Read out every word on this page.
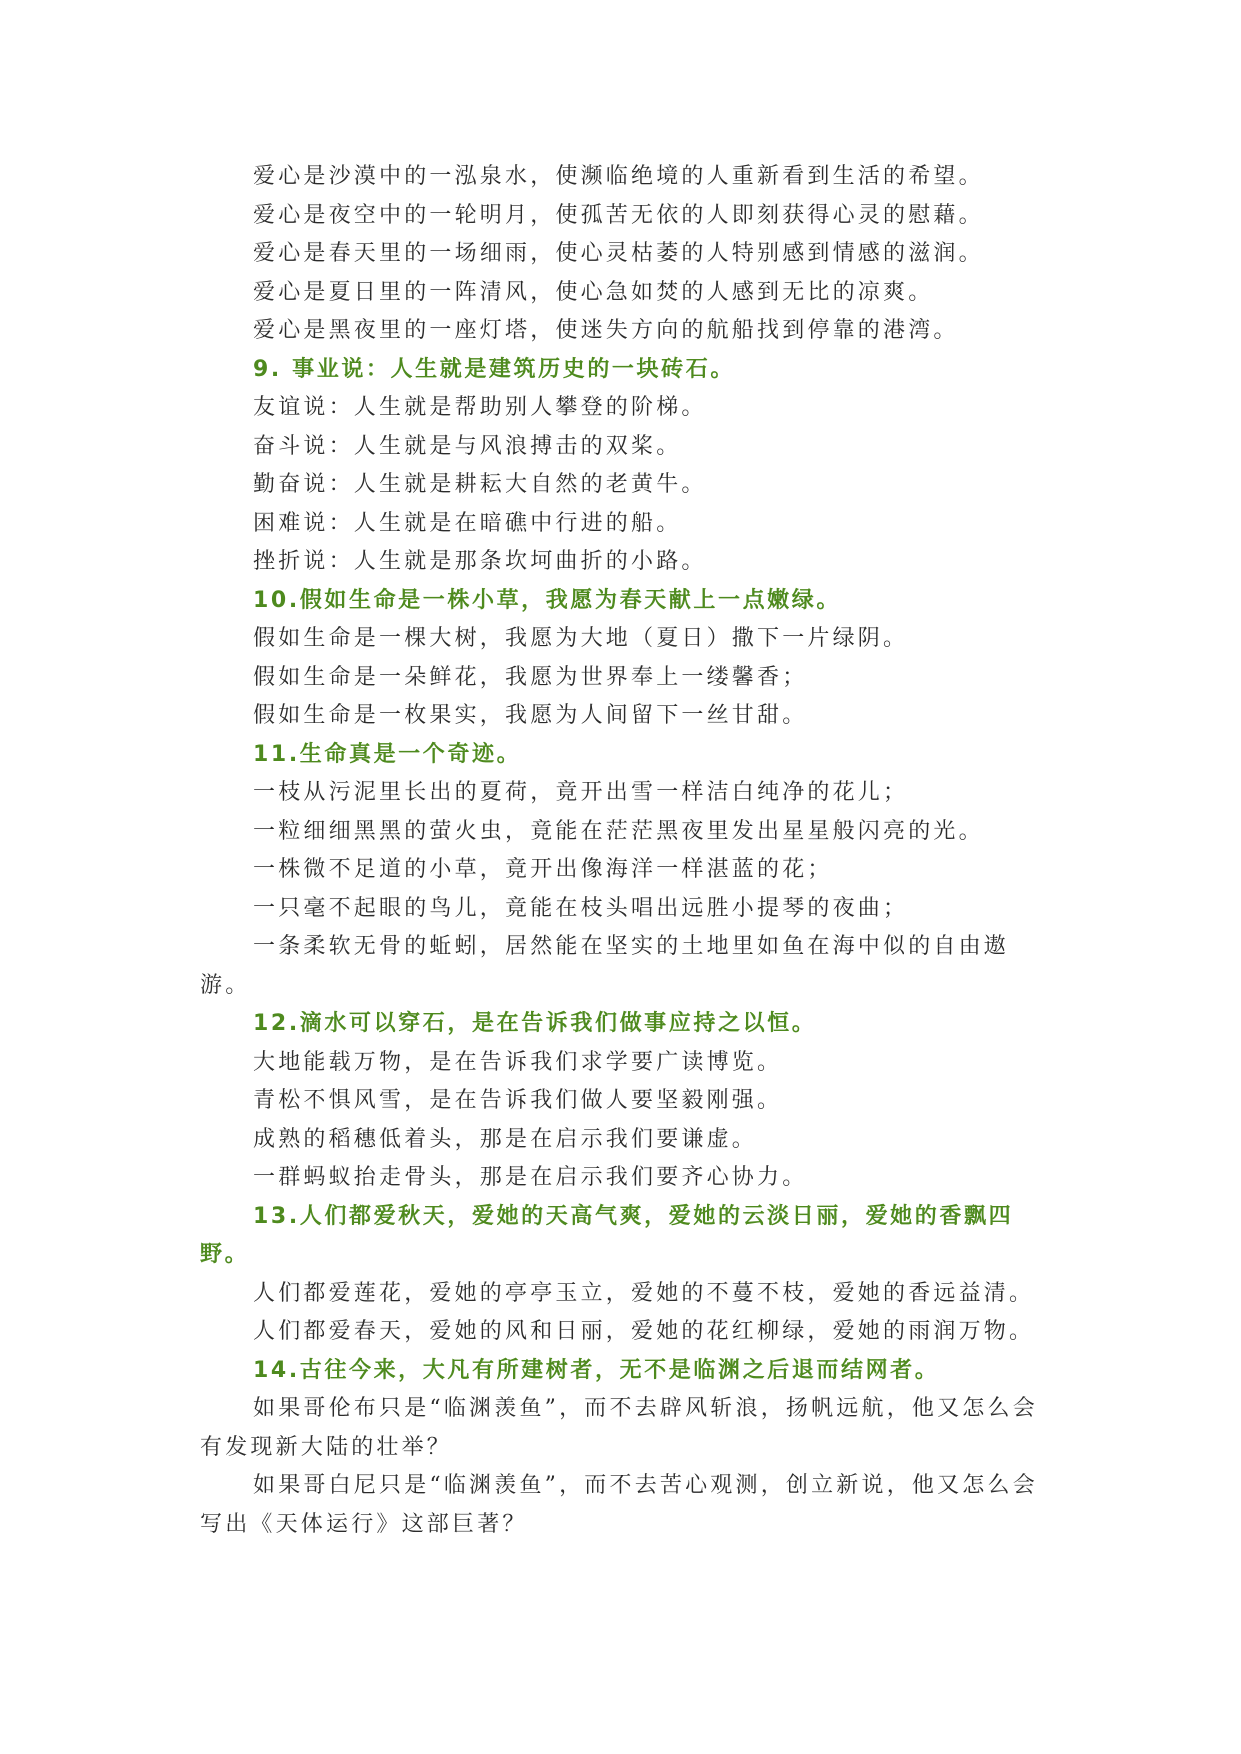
爱心是沙漠中的一泓泉水，使濒临绝境的人重新看到生活的希望。

爱心是夜空中的一轮明月，使孤苦无依的人即刻获得心灵的慰藉。

爱心是春天里的一场细雨，使心灵枯萎的人特别感到情感的滋润。

爱心是夏日里的一阵清风，使心急如焚的人感到无比的凉爽。

爱心是黑夜里的一座灯塔，使迷失方向的航船找到停靠的港湾。

9. 事业说：人生就是建筑历史的一块砖石。

友谊说：人生就是帮助别人攀登的阶梯。

奋斗说：人生就是与风浪搏击的双桨。

勤奋说：人生就是耕耘大自然的老黄牛。

困难说：人生就是在暗礁中行进的船。

挫折说：人生就是那条坎坷曲折的小路。

10.假如生命是一株小草，我愿为春天献上一点嫩绿。

假如生命是一棵大树，我愿为大地（夏日）撒下一片绿阴。

假如生命是一朵鲜花，我愿为世界奉上一缕馨香；

假如生命是一枚果实，我愿为人间留下一丝甘甜。

11.生命真是一个奇迹。

一枝从污泥里长出的夏荷，竟开出雪一样洁白纯净的花儿；

一粒细细黑黑的萤火虫，竟能在茫茫黑夜里发出星星般闪亮的光。

一株微不足道的小草，竟开出像海洋一样湛蓝的花；

一只毫不起眼的鸟儿，竟能在枝头唱出远胜小提琴的夜曲；

一条柔软无骨的蚯蚓，居然能在坚实的土地里如鱼在海中似的自由遨游。

12.滴水可以穿石，是在告诉我们做事应持之以恒。

大地能载万物，是在告诉我们求学要广读博览。

青松不惧风雪，是在告诉我们做人要坚毅刚强。

成熟的稻穗低着头，那是在启示我们要谦虚。

一群蚂蚁抬走骨头，那是在启示我们要齐心协力。

13.人们都爱秋天，爱她的天高气爽，爱她的云淡日丽，爱她的香飘四野。

人们都爱莲花，爱她的亭亭玉立，爱她的不蔓不枝，爱她的香远益清。

人们都爱春天，爱她的风和日丽，爱她的花红柳绿，爱她的雨润万物。

14.古往今来，大凡有所建树者，无不是临渊之后退而结网者。

如果哥伦布只是“临渊羡鱼”，而不去辟风斩浪，扬帆远航，他又怎么会有发现新大陆的壮举？

如果哥白尼只是“临渊羡鱼”，而不去苦心观测，创立新说，他又怎么会写出《天体运行》这部巨著？
